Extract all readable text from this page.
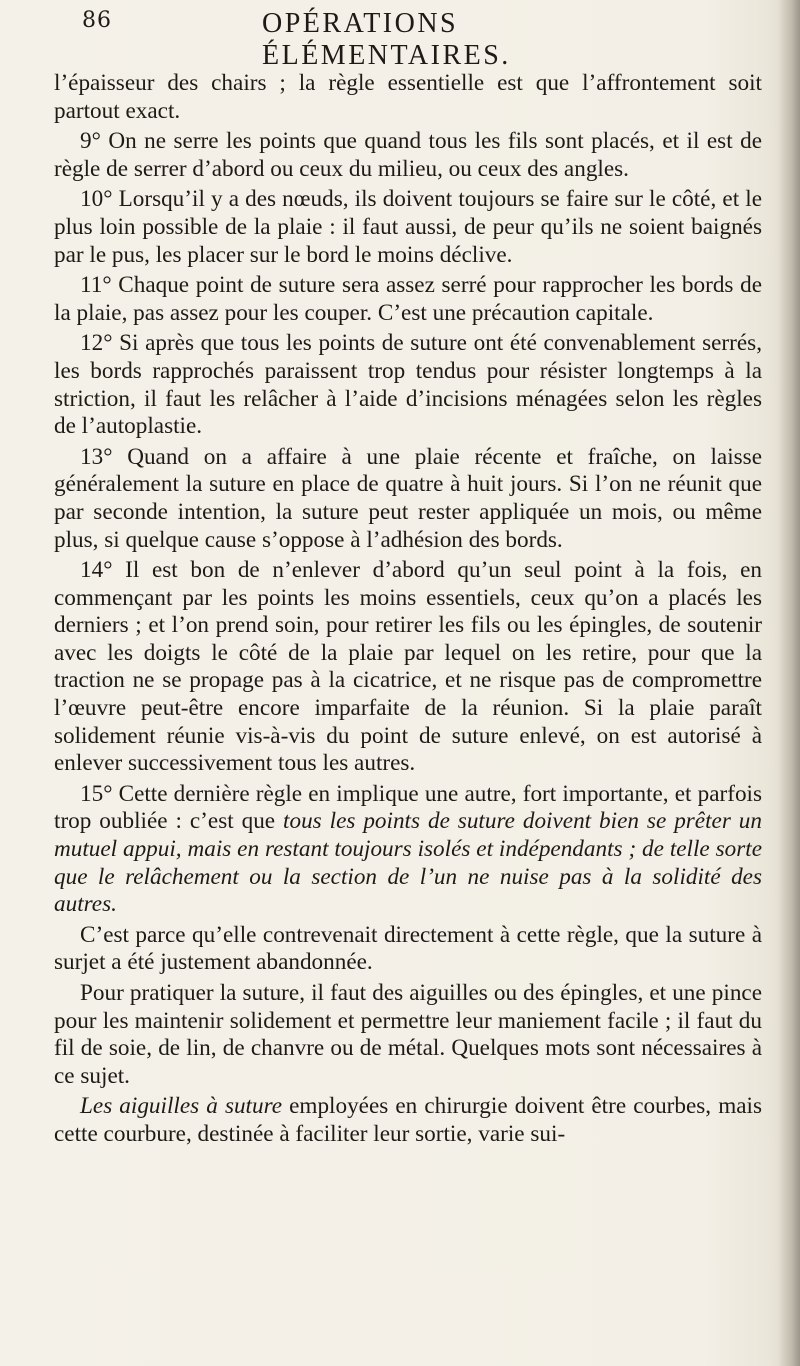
86	OPÉRATIONS ÉLÉMENTAIRES.

l’épaisseur des chairs ; la règle essentielle est que l’affrontement soit partout exact.

9° On ne serre les points que quand tous les fils sont placés, et il est de règle de serrer d’abord ou ceux du milieu, ou ceux des angles.

10° Lorsqu’il y a des nœuds, ils doivent toujours se faire sur le côté, et le plus loin possible de la plaie : il faut aussi, de peur qu’ils ne soient baignés par le pus, les placer sur le bord le moins déclive.

11° Chaque point de suture sera assez serré pour rapprocher les bords de la plaie, pas assez pour les couper. C’est une précaution capitale.

12° Si après que tous les points de suture ont été convenablement serrés, les bords rapprochés paraissent trop tendus pour résister longtemps à la striction, il faut les relâcher à l’aide d’incisions ménagées selon les règles de l’autoplastie.

13° Quand on a affaire à une plaie récente et fraîche, on laisse généralement la suture en place de quatre à huit jours. Si l’on ne réunit que par seconde intention, la suture peut rester appliquée un mois, ou même plus, si quelque cause s’oppose à l’adhésion des bords.

14° Il est bon de n’enlever d’abord qu’un seul point à la fois, en commençant par les points les moins essentiels, ceux qu’on a placés les derniers ; et l’on prend soin, pour retirer les fils ou les épingles, de soutenir avec les doigts le côté de la plaie par lequel on les retire, pour que la traction ne se propage pas à la cicatrice, et ne risque pas de compromettre l’œuvre peut-être encore imparfaite de la réunion. Si la plaie paraît solidement réunie vis-à-vis du point de suture enlevé, on est autorisé à enlever successivement tous les autres.

15° Cette dernière règle en implique une autre, fort importante, et parfois trop oubliée : c’est que tous les points de suture doivent bien se prêter un mutuel appui, mais en restant toujours isolés et indépendants ; de telle sorte que le relâchement ou la section de l’un ne nuise pas à la solidité des autres.

C’est parce qu’elle contrevenait directement à cette règle, que la suture à surjet a été justement abandonnée.

Pour pratiquer la suture, il faut des aiguilles ou des épingles, et une pince pour les maintenir solidement et permettre leur maniement facile ; il faut du fil de soie, de lin, de chanvre ou de métal. Quelques mots sont nécessaires à ce sujet.

Les aiguilles à suture employées en chirurgie doivent être courbes, mais cette courbure, destinée à faciliter leur sortie, varie sui-
